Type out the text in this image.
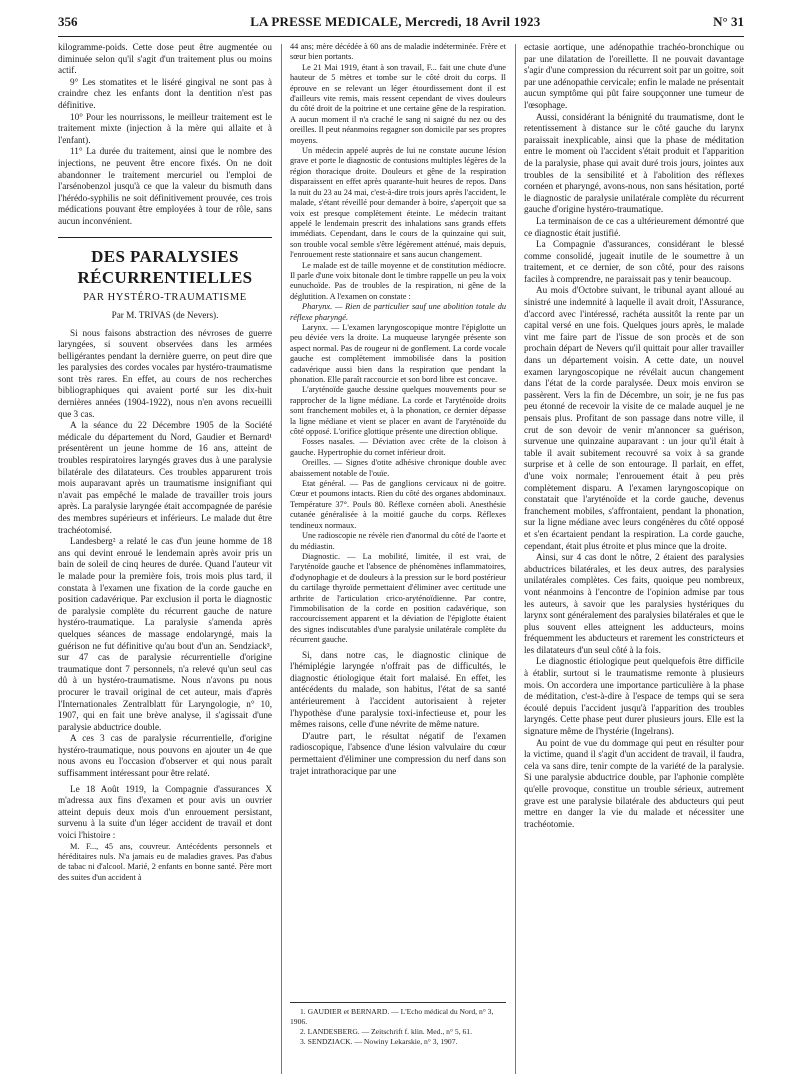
356	LA PRESSE MEDICALE, Mercredi, 18 Avril 1923	N° 31

kilogramme-poids. Cette dose peut être augmentée ou diminuée selon qu'il s'agit d'un traitement plus ou moins actif.

9° Les stomatites et le liséré gingival ne sont pas à craindre chez les enfants dont la dentition n'est pas définitive.

10° Pour les nourrissons, le meilleur traitement est le traitement mixte (injection à la mère qui allaite et à l'enfant).

11° La durée du traitement, ainsi que le nombre des injections, ne peuvent être encore fixés. On ne doit abandonner le traitement mercuriel ou l'emploi de l'arsénobenzol jusqu'à ce que la valeur du bismuth dans l'hérédo-syphilis ne soit définitivement prouvée, ces trois médications pouvant être employées à tour de rôle, sans aucun inconvénient.

DES PARALYSIES
RÉCURRENTIELLES
PAR HYSTÉRO-TRAUMATISME
Par M. TRIVAS (de Nevers).

Si nous faisons abstraction des névroses de guerre laryngées, si souvent observées dans les armées belligérantes pendant la dernière guerre, on peut dire que les paralysies des cordes vocales par hystéro-traumatisme sont très rares. En effet, au cours de nos recherches bibliographiques qui avaient porté sur les dix-huit dernières années (1904-1922), nous n'en avons recueilli que 3 cas.

A la séance du 22 Décembre 1905 de la Société médicale du département du Nord, Gaudier et Bernard¹ présentèrent un jeune homme de 16 ans, atteint de troubles respiratoires laryngés graves dus à une paralysie bilatérale des dilatateurs. Ces troubles apparurent trois mois auparavant après un traumatisme insignifiant qui n'avait pas empêché le malade de travailler trois jours après. La paralysie laryngée était accompagnée de parésie des membres supérieurs et inférieurs. Le malade dut être trachéotomisé.

Landesberg² a relaté le cas d'un jeune homme de 18 ans qui devint enroué le lendemain après avoir pris un bain de soleil de cinq heures de durée. Quand l'auteur vit le malade pour la première fois, trois mois plus tard, il constata à l'examen une fixation de la corde gauche en position cadavérique. Par exclusion il porta le diagnostic de paralysie complète du récurrent gauche de nature hystéro-traumatique. La paralysie s'amenda après quelques séances de massage endolaryngé, mais la guérison ne fut définitive qu'au bout d'un an. Sendziack³, sur 47 cas de paralysie récurrentielle d'origine traumatique dont 7 personnels, n'a relevé qu'un seul cas dû à un hystéro-traumatisme. Nous n'avons pu nous procurer le travail original de cet auteur, mais d'après l'Internationales Zentralblatt für Laryngologie, n° 10, 1907, qui en fait une brève analyse, il s'agissait d'une paralysie abductrice double.

A ces 3 cas de paralysie récurrentielle, d'origine hystéro-traumatique, nous pouvons en ajouter un 4e que nous avons eu l'occasion d'observer et qui nous paraît suffisamment intéressant pour être relaté.

Le 18 Août 1919, la Compagnie d'assurances X m'adressa aux fins d'examen et pour avis un ouvrier atteint depuis deux mois d'un enrouement persistant, survenu à la suite d'un léger accident de travail et dont voici l'histoire :

M. F..., 45 ans, couvreur. Antécédents personnels et héréditaires nuls. N'a jamais eu de maladies graves. Pas d'abus de tabac ni d'alcool. Marié, 2 enfants en bonne santé. Père mort des suites d'un accident à

44 ans; mère décédée à 60 ans de maladie indéterminée. Frère et sœur bien portants.

Le 21 Mai 1919, étant à son travail, F... fait une chute d'une hauteur de 5 mètres et tombe sur le côté droit du corps. Il éprouve en se relevant un léger étourdissement dont il est d'ailleurs vite remis, mais ressent cependant de vives douleurs du côté droit de la poitrine et une certaine gêne de la respiration. A aucun moment il n'a craché le sang ni saigné du nez ou des oreilles. Il peut néanmoins regagner son domicile par ses propres moyens.

Un médecin appelé auprès de lui ne constate aucune lésion grave et porte le diagnostic de contusions multiples légères de la région thoracique droite. Douleurs et gêne de la respiration disparaissent en effet après quarante-huit heures de repos. Dans la nuit du 23 au 24 mai, c'est-à-dire trois jours après l'accident, le malade, s'étant réveillé pour demander à boire, s'aperçoit que sa voix est presque complètement éteinte. Le médecin traitant appelé le lendemain prescrit des inhalations sans grands effets immédiats. Cependant, dans le cours de la quinzaine qui suit, son trouble vocal semble s'être légèrement atténué, mais depuis, l'enrouement reste stationnaire et sans aucun changement.

Le malade est de taille moyenne et de constitution médiocre. Il parle d'une voix bitonale dont le timbre rappelle un peu la voix eunuchoïde. Pas de troubles de la respiration, ni gêne de la déglutition. A l'examen on constate :

Pharynx. — Rien de particulier sauf une abolition totale du réflexe pharyngé.

Larynx. — L'examen laryngoscopique montre l'épiglotte un peu déviée vers la droite. La muqueuse laryngée présente son aspect normal. Pas de rougeur ni de gonflement. La corde vocale gauche est complètement immobilisée dans la position cadavérique aussi bien dans la respiration que pendant la phonation. Elle paraît raccourcie et son bord libre est concave.

L'aryténoïde gauche dessine quelques mouvements pour se rapprocher de la ligne médiane. La corde et l'aryténoïde droits sont franchement mobiles et, à la phonation, ce dernier dépasse la ligne médiane et vient se placer en avant de l'aryténoïde du côté opposé. L'orifice glottique présente une direction oblique.

Fosses nasales. — Déviation avec crête de la cloison à gauche. Hypertrophie du cornet inférieur droit.

Oreilles. — Signes d'otite adhésive chronique double avec abaissement notable de l'ouïe.

Etat général. — Pas de ganglions cervicaux ni de goitre. Cœur et poumons intacts. Rien du côté des organes abdominaux. Température 37°. Pouls 80. Réflexe cornéen aboli. Anesthésie cutanée généralisée à la moitié gauche du corps. Réflexes tendineux normaux.

Une radioscopie ne révèle rien d'anormal du côté de l'aorte et du médiastin.

Diagnostic. — La mobilité, limitée, il est vrai, de l'aryténoïde gauche et l'absence de phénomènes inflammatoires, d'odynophagie et de douleurs à la pression sur le bord postérieur du cartilage thyroïde permettaient d'éliminer avec certitude une arthrite de l'articulation crico-aryténoïdienne. Par contre, l'immobilisation de la corde en position cadavérique, son raccourcissement apparent et la déviation de l'épiglotte étaient des signes indiscutables d'une paralysie unilatérale complète du récurrent gauche.

Si, dans notre cas, le diagnostic clinique de l'hémiplégie laryngée n'offrait pas de difficultés, le diagnostic étiologique était fort malaisé. En effet, les antécédents du malade, son habitus, l'état de sa santé antérieurement à l'accident autorisaient à rejeter l'hypothèse d'une paralysie toxi-infectieuse et, pour les mêmes raisons, celle d'une névrite de même nature.

D'autre part, le résultat négatif de l'examen radioscopique, l'absence d'une lésion valvulaire du cœur permettaient d'éliminer une compression du nerf dans son trajet intrathoracique par une

1. GAUDIER et BERNARD. — L'Echo médical du Nord, n° 3, 1906.
2. LANDESBERG. — Zeitschrift f. klin. Med., n° 5, 61.
3. SENDZIACK. — Nowiny Lekarskie, n° 3, 1907.

ectasie aortique, une adénopathie trachéo-bronchique ou par une dilatation de l'oreillette. Il ne pouvait davantage s'agir d'une compression du récurrent soit par un goitre, soit par une adénopathie cervicale; enfin le malade ne présentait aucun symptôme qui pût faire soupçonner une tumeur de l'œsophage.

Aussi, considérant la bénignité du traumatisme, dont le retentissement à distance sur le côté gauche du larynx paraissait inexplicable, ainsi que la phase de méditation entre le moment où l'accident s'était produit et l'apparition de la paralysie, phase qui avait duré trois jours, jointes aux troubles de la sensibilité et à l'abolition des réflexes cornéen et pharyngé, avons-nous, non sans hésitation, porté le diagnostic de paralysie unilatérale complète du récurrent gauche d'origine hystéro-traumatique.

La terminaison de ce cas a ultérieurement démontré que ce diagnostic était justifié.

La Compagnie d'assurances, considérant le blessé comme consolidé, jugeait inutile de le soumettre à un traitement, et ce dernier, de son côté, pour des raisons faciles à comprendre, ne paraissait pas y tenir beaucoup.

Au mois d'Octobre suivant, le tribunal ayant alloué au sinistré une indemnité à laquelle il avait droit, l'Assurance, d'accord avec l'intéressé, rachéta aussitôt la rente par un capital versé en une fois. Quelques jours après, le malade vint me faire part de l'issue de son procès et de son prochain départ de Nevers qu'il quittait pour aller travailler dans un département voisin. A cette date, un nouvel examen laryngoscopique ne révélait aucun changement dans l'état de la corde paralysée. Deux mois environ se passèrent. Vers la fin de Décembre, un soir, je ne fus pas peu étonné de recevoir la visite de ce malade auquel je ne pensais plus. Profitant de son passage dans notre ville, il crut de son devoir de venir m'annoncer sa guérison, survenue une quinzaine auparavant : un jour qu'il était à table il avait subitement recouvré sa voix à sa grande surprise et à celle de son entourage. Il parlait, en effet, d'une voix normale; l'enrouement était à peu près complètement disparu. A l'examen laryngoscopique on constatait que l'aryténoïde et la corde gauche, devenus franchement mobiles, s'affrontaient, pendant la phonation, sur la ligne médiane avec leurs congénères du côté opposé et s'en écartaient pendant la respiration. La corde gauche, cependant, était plus étroite et plus mince que la droite.

Ainsi, sur 4 cas dont le nôtre, 2 étaient des paralysies abductrices bilatérales, et les deux autres, des paralysies unilatérales complètes. Ces faits, quoique peu nombreux, vont néanmoins à l'encontre de l'opinion admise par tous les auteurs, à savoir que les paralysies hystériques du larynx sont généralement des paralysies bilatérales et que le plus souvent elles atteignent les adducteurs, moins fréquemment les abducteurs et rarement les constricteurs et les dilatateurs d'un seul côté à la fois.

Le diagnostic étiologique peut quelquefois être difficile à établir, surtout si le traumatisme remonte à plusieurs mois. On accordera une importance particulière à la phase de méditation, c'est-à-dire à l'espace de temps qui se sera écoulé depuis l'accident jusqu'à l'apparition des troubles laryngés. Cette phase peut durer plusieurs jours. Elle est la signature même de l'hystérie (Ingelrans).

Au point de vue du dommage qui peut en résulter pour la victime, quand il s'agit d'un accident de travail, il faudra, cela va sans dire, tenir compte de la variété de la paralysie. Si une paralysie abductrice double, par l'aphonie complète qu'elle provoque, constitue un trouble sérieux, autrement grave est une paralysie bilatérale des abducteurs qui peut mettre en danger la vie du malade et nécessiter une trachéotomie.
